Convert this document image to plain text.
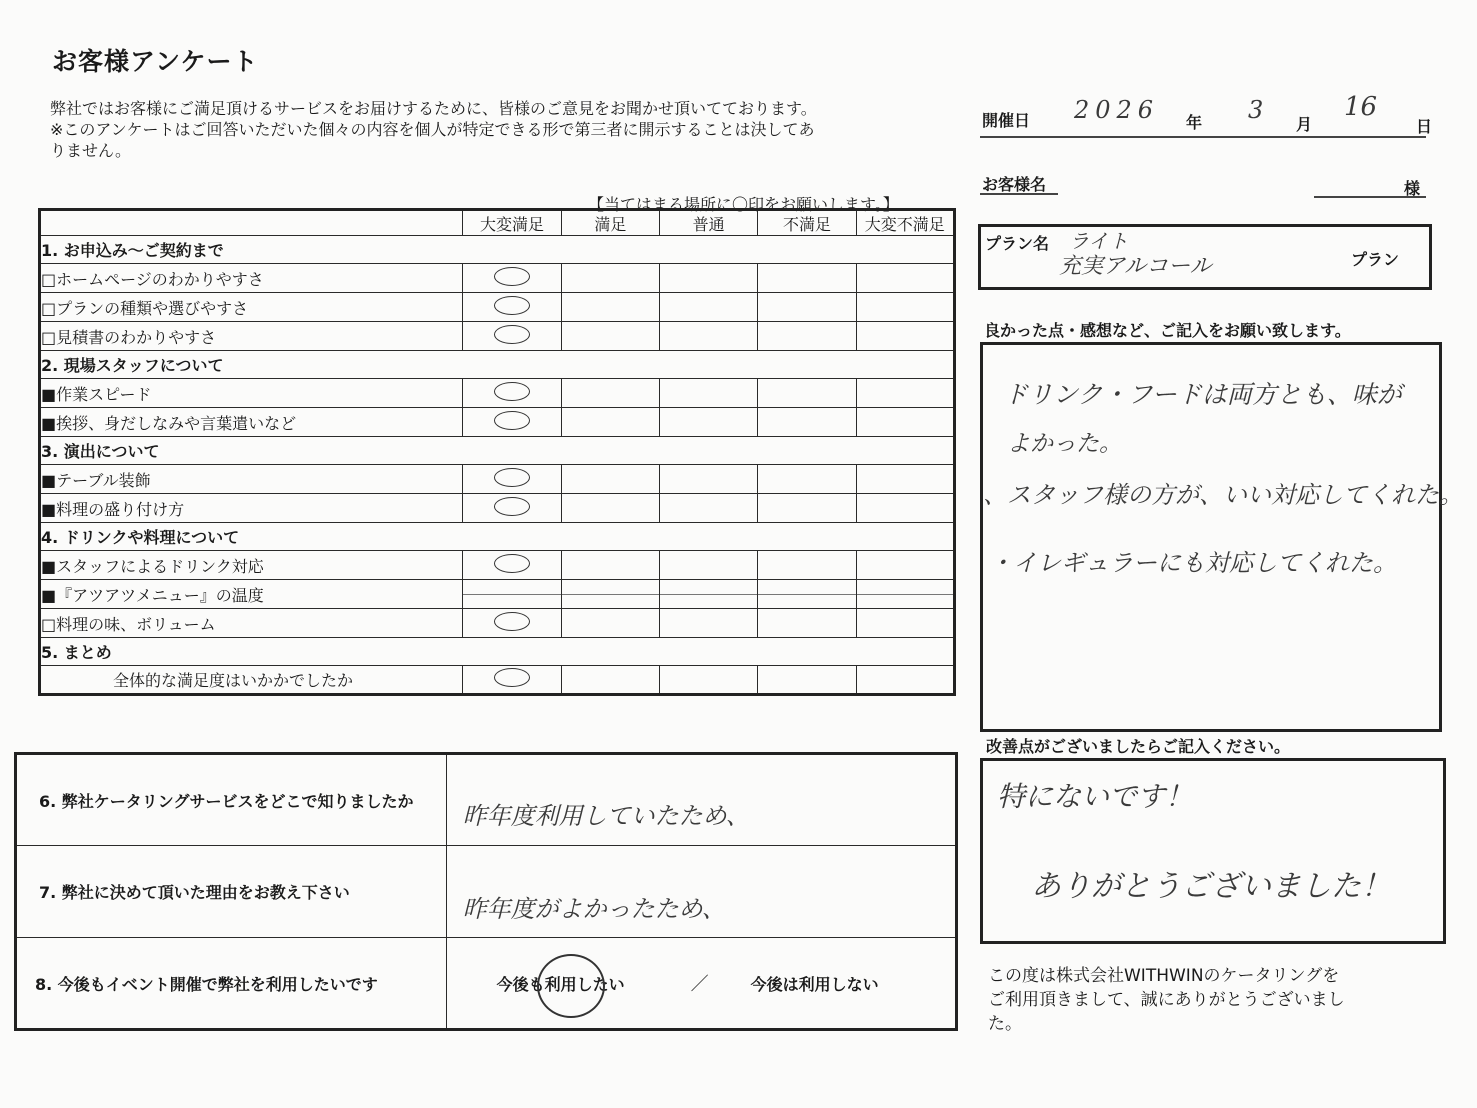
お客様アンケート
弊社ではお客様にご満足頂けるサービスをお届けするために、皆様のご意見をお聞かせ頂いてております。
※このアンケートはご回答いただいた個々の内容を個人が特定できる形で第三者に開示することは決してあ
りません。
【当てはまる場所に〇印をお願いします。】
	大変満足	満足	普通	不満足	大変不満足
1. お申込み～ご契約まで					
□ホームページのわかりやすさ					
□プランの種類や選びやすさ					
□見積書のわかりやすさ					
2. 現場スタッフについて					
■作業スピード					
■挨拶、身だしなみや言葉遣いなど					
3. 演出について					
■テーブル装飾					
■料理の盛り付け方					
4. ドリンクや料理について					
■スタッフによるドリンク対応					
■『アツアツメニュー』の温度	

□料理の味、ボリューム					
5. まとめ					
全体的な満足度はいかかでしたか					
6. 弊社ケータリングサービスをどこで知りましたか	昨年度利用していたため、

7. 弊社に決めて頂いた理由をお教え下さい	昨年度がよかったため、

8. 今後もイベント開催で弊社を利用したいです	今後も利用したい ／ 今後は利用しない
開催日 2026 年 3
月
16
日
お客様名	様
プラン名 ライト
充実アルコール	プラン
良かった点・感想など、ご記入をお願い致します。
ドリンク・フードは両方とも、味が
よかった。
、スタッフ様の方が、いい対応してくれた。
・イレギュラーにも対応してくれた。
改善点がございましたらご記入ください。
特にないです！
ありがとうございました！
この度は株式会社WITHWINのケータリングを
ご利用頂きまして、誠にありがとうございまし
た。
